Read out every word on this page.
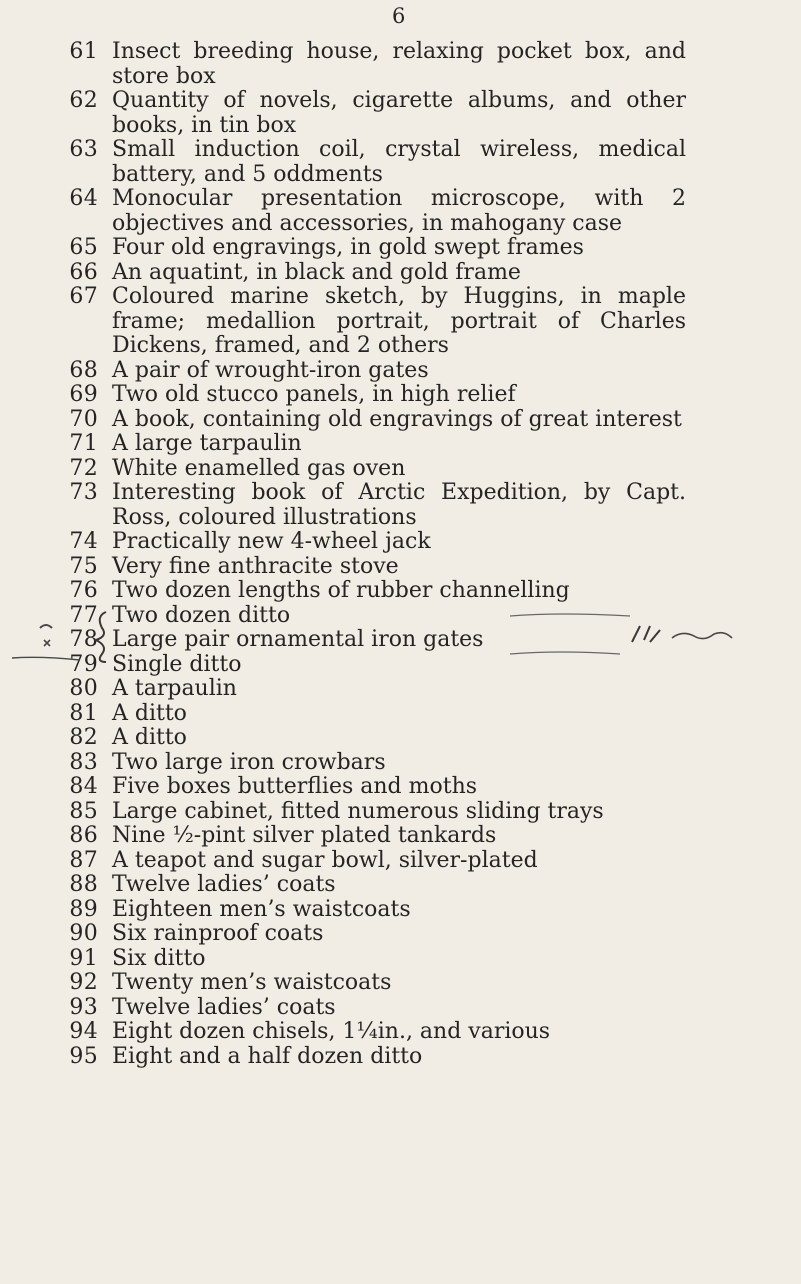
6
61 Insect breeding house, relaxing pocket box, and store box
62 Quantity of novels, cigarette albums, and other books, in tin box
63 Small induction coil, crystal wireless, medical battery, and 5 oddments
64 Monocular presentation microscope, with 2 objectives and accessories, in mahogany case
65 Four old engravings, in gold swept frames
66 An aquatint, in black and gold frame
67 Coloured marine sketch, by Huggins, in maple frame; medallion portrait, portrait of Charles Dickens, framed, and 2 others
68 A pair of wrought-iron gates
69 Two old stucco panels, in high relief
70 A book, containing old engravings of great interest
71 A large tarpaulin
72 White enamelled gas oven
73 Interesting book of Arctic Expedition, by Capt. Ross, coloured illustrations
74 Practically new 4-wheel jack
75 Very fine anthracite stove
76 Two dozen lengths of rubber channelling
77 Two dozen ditto
78 Large pair ornamental iron gates
79 Single ditto
80 A tarpaulin
81 A ditto
82 A ditto
83 Two large iron crowbars
84 Five boxes butterflies and moths
85 Large cabinet, fitted numerous sliding trays
86 Nine ½-pint silver plated tankards
87 A teapot and sugar bowl, silver-plated
88 Twelve ladies’ coats
89 Eighteen men’s waistcoats
90 Six rainproof coats
91 Six ditto
92 Twenty men’s waistcoats
93 Twelve ladies’ coats
94 Eight dozen chisels, 1¼in., and various
95 Eight and a half dozen ditto
